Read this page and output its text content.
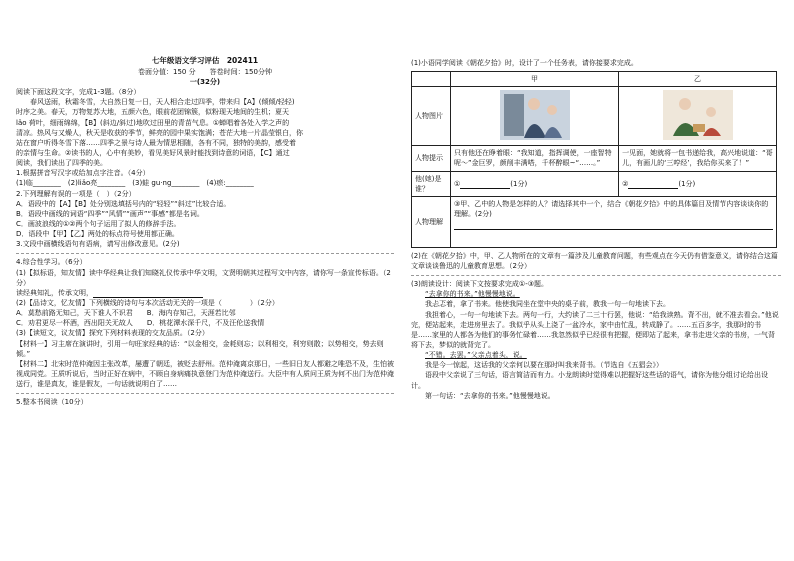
七年级语文学习评估　202411
卷面分值：150 分　　答卷时间：150分钟
一(32分)

阅读下面这段文字，完成1-3题。（8分）

　　春风送雨，秋霜冬雪，大自然日复一日，天人相合走过四季，带来归【A】(倾倾/轻轻)

时序之美。春天，万物复苏大地，五颜六色，眼前花团锦簇，似粉现天地间的生机；夏天

lǎo 荷叶，细雨绵绵，【B】(斜边/斜过)地吹过田里的青苗气息。①蝉唱着各处入学之声的

清凉。热风与又燥人，秋天是收获的季节，鲜亮的园中果实饱满；苍茫大地一片晶莹银白，你

站在窗户听得冬雪下落……四季之景与诗人最为情思相随，各有不同，独特的美韵，感受着

的亲情与生命。②读书的人，心中有美妙，看见美好风景时能找到诗意的词语，【C】通过

阅读，我们读出了四季的美。

1.根据拼音写汉字或给加点字注音。（4分）

(1)临________　(2)liǎo亮________　(3)蛙 gu·ng________　(4)瘀:________

2.下列理解有误的一项是（　）（2分）

A．语段中的【A】【B】处分别选填括号内的“轻轻”“斜过”比较合适。

B．语段中画线的词语“四季”“风情”“画声”“事感”都是名词。

C．画波浪线的①②两个句子运用了拟人的修辞手法。

D．语段中【甲】【乙】两处的标点符号使用都正确。

3.文段中画横线语句有语病，请写出修改意见。(2分)

4.综合性学习。（6分）

(1)【拟标语，知友情】读中华经典让我们知晓礼仪传承中华文明，文贤明朝其过程写文中内容，请你写一条宣传标语。（2分）

读经典知礼，传承文明，

(2)【品诗文，忆友情】下列横线的诗句与本次活动无关的一项是（　　　　）（2分）

A．莫愁前路无知己，天下谁人不识君　　 B．海内存知己，天涯若比邻

C．劝君更尽一杯酒，西出阳关无故人　　 D．桃花潭水深千尺，不及汪伦送我情

(3)【读短文，议友情】探究下列材料表现的交友品质。（2分）

【材料一】习主席在演讲时，引用一句旺家经典的话：“以金相交，金耗则忘；以利相交，利穷则散；以势相交，势去则倾。”

【材料二】北宋时范仲淹因主张改革，屡遭了朝廷，被贬去舒州。范仲淹离京那日，一些旧日友人都避之唯恐不及，生怕被视成同党。王质听说后，当时正好在病中，不顾自身病痛执意登门为范仲淹送行。大臣中有人质问王质为何不出门为范仲淹送行，谁是真友，谁是假友，一句话就说明白了……

5.整本书阅读（10分）

(1)小语同学阅读《朝花夕拾》时，设计了一个任务表，请你接要求完成。

	甲	乙
人物图片		
人物提示	只有他还在睁着眼：“我知道，指挥调使，一座智特呢～”金巨罗，颜削丰满嗒，千杯醉眼~“……。”	一见面，她就将一包书递给我，高兴地说道：“哥儿，有画儿的‘三哼经’，我给你买来了！”
他(她)是谁？	① (1分)	② (1分)
人物理解	③甲、乙中的人物是怎样的人？请选择其中一个，结合《朝花夕拾》中的具体篇目及情节内容谈谈你的理解。(2分)	

(2)在《朝花夕拾》中，甲、乙人物所在的文章有一篇涉及儿童教育问题，有些观点在今天仍有借鉴意义，请你结合这篇文章谈谈鲁迅的儿童教育思想。（2分）

(3)朗读设计：阅读下文按要求完成①-③题。

“去拿你的书来。”他慢慢地说。

我忐忑着，拿了书来。他使我同坐在堂中央的桌子前，教我一句一句地读下去。

我担着心，一句一句地读下去。两句一行，大约读了二三十行罢，他说：“给我读熟。背不出，就不准去看会。”他说完，便站起来，走进房里去了。我似乎从头上浇了一盆冷水，家中由忙乱，转成静了。……五百多字，我那时的书是……家里的人都各为他们的事务忙碌着……我忽然似乎已经很有把握，便即站了起来，拿书走进父亲的书房，一气背将下去，梦似的就背完了。

“不错。去罢。”父亲点着头，说。

我是今一惊起，这话我的父亲何以要在那时叫我来背书。（节选自《五猖会》）

语段中父亲说了三句话，语言简洁而有力。小龙朗读时觉得难以把握好这些话的语气，请你为他分组讨论给出设计。

第一句话：“去拿你的书来。”他慢慢地说。
